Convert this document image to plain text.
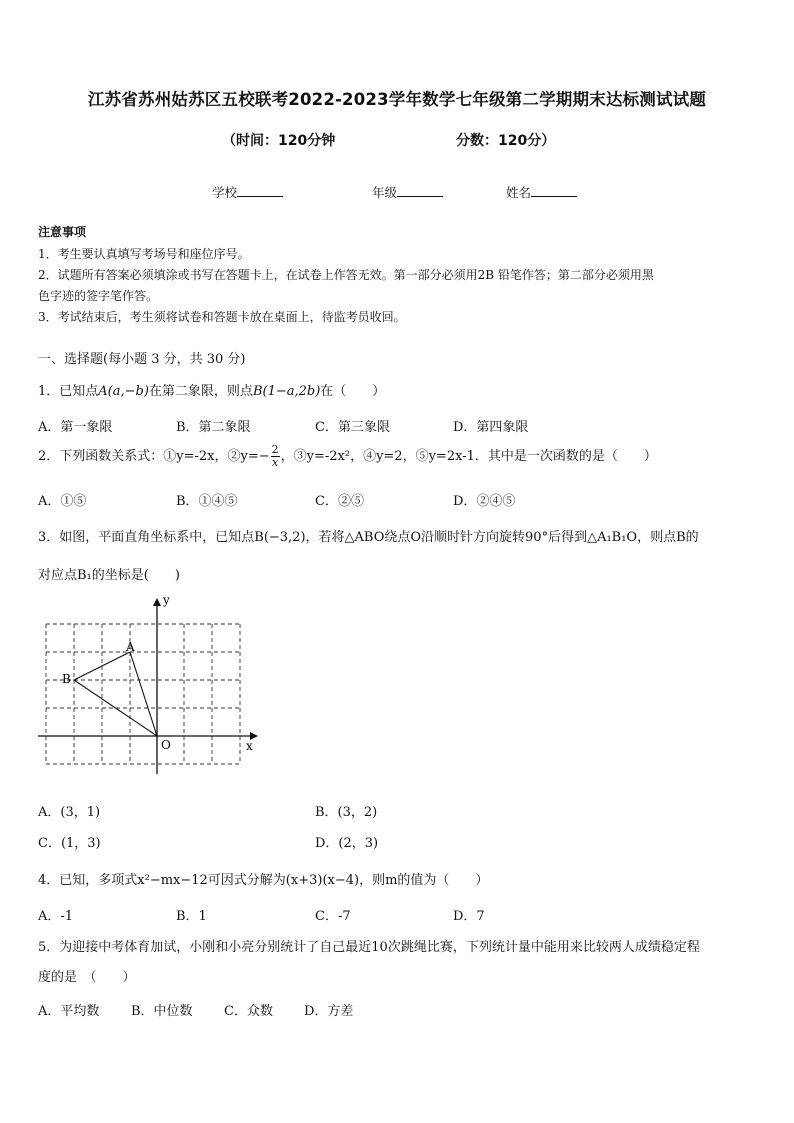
江苏省苏州姑苏区五校联考2022-2023学年数学七年级第二学期期末达标测试试题
（时间：120分钟	分数：120分）
学校	年级	姓名
注意事项
1．考生要认真填写考场号和座位序号。
2．试题所有答案必须填涂或书写在答题卡上，在试卷上作答无效。第一部分必须用2B 铅笔作答；第二部分必须用黑
色字迹的签字笔作答。
3．考试结束后，考生须将试卷和答题卡放在桌面上，待监考员收回。
一、选择题(每小题 3 分，共 30 分)
1．已知点A(a,−b)在第二象限，则点B(1−a,2b)在（　　）
A．第一象限	B．第二象限	C．第三象限	D．第四象限
2．下列函数关系式：①y=-2x，②y=− $\frac{2}{x}$ ，③y=-2x²，④y=2，⑤y=2x-1．其中是一次函数的是（　　）
A．①⑤	B．①④⑤	C．②⑤	D．②④⑤
3．如图，平面直角坐标系中，已知点B(−3,2)，若将△ABO绕点O沿顺时针方向旋转90°后得到△A₁B₁O，则点B的
对应点B₁的坐标是(　　)
A
B
O	x
y
A．(3，1)	B．(3，2)
C．(1，3)	D．(2，3)
4．已知，多项式x²−mx−12可因式分解为(x+3)(x−4)，则m的值为（　　）
A．-1	B．1	C．-7	D．7
5．为迎接中考体育加试，小刚和小亮分别统计了自己最近10次跳绳比赛，下列统计量中能用来比较两人成绩稳定程
度的是　（　　）
A．平均数 B．中位数 C．众数 D．方差
